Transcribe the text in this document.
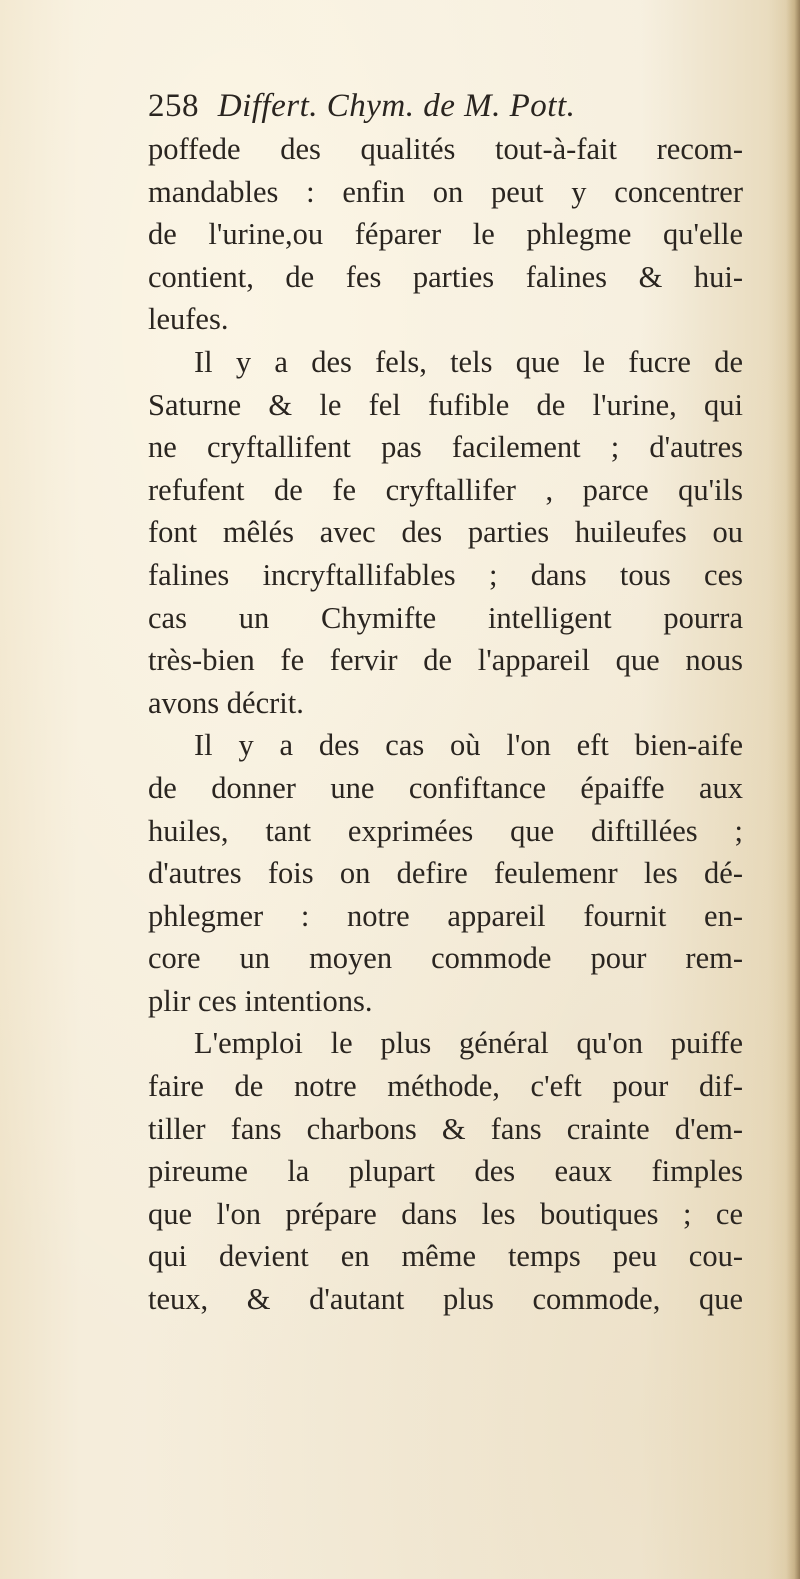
258 Differt. Chym. de M. Pott.
poffede des qualités tout-à-fait recom-
mandables : enfin on peut y concentrer
de l'urine,ou féparer le phlegme qu'elle
contient, de fes parties falines & hui-
leufes.
Il y a des fels, tels que le fucre de
Saturne & le fel fufible de l'urine, qui
ne cryftallifent pas facilement ; d'autres
refufent de fe cryftallifer , parce qu'ils
font mêlés avec des parties huileufes ou
falines incryftallifables ; dans tous ces
cas un Chymifte intelligent pourra
très-bien fe fervir de l'appareil que nous
avons décrit.
Il y a des cas où l'on eft bien-aife
de donner une confiftance épaiffe aux
huiles, tant exprimées que diftillées ;
d'autres fois on defire feulemenr les dé-
phlegmer : notre appareil fournit en-
core un moyen commode pour rem-
plir ces intentions.
L'emploi le plus général qu'on puiffe
faire de notre méthode, c'eft pour dif-
tiller fans charbons & fans crainte d'em-
pireume la plupart des eaux fimples
que l'on prépare dans les boutiques ; ce
qui devient en même temps peu cou-
teux, & d'autant plus commode, que
